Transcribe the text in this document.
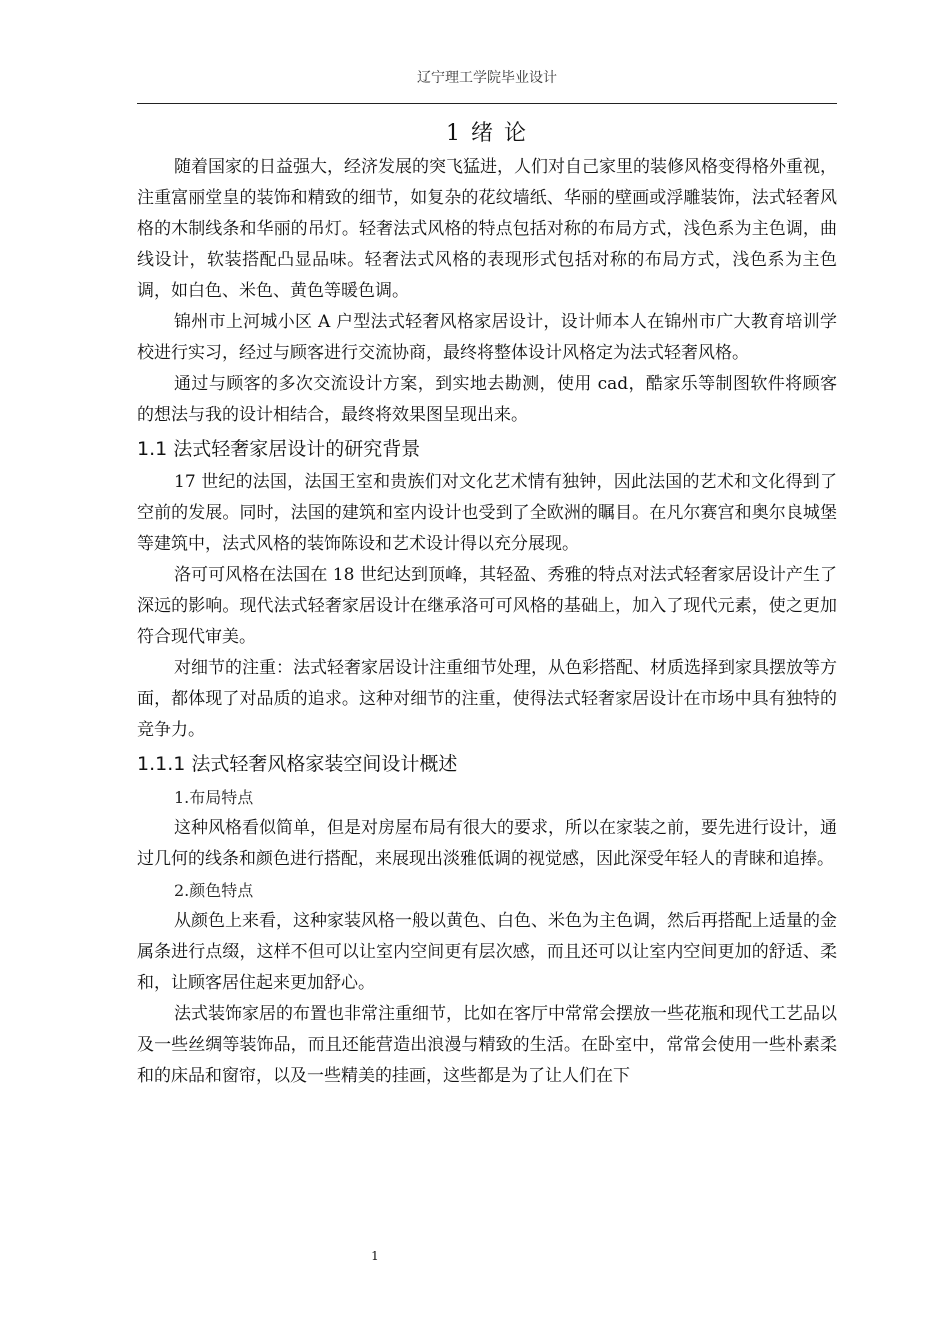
辽宁理工学院毕业设计
1 绪 论

随着国家的日益强大，经济发展的突飞猛进，人们对自己家里的装修风格变得格外重视，注重富丽堂皇的装饰和精致的细节，如复杂的花纹墙纸、华丽的壁画或浮雕装饰，法式轻奢风格的木制线条和华丽的吊灯。轻奢法式风格的特点包括对称的布局方式，浅色系为主色调，曲线设计，软装搭配凸显品味。轻奢法式风格的表现形式包括对称的布局方式，浅色系为主色调，如白色、米色、黄色等暖色调。

锦州市上河城小区 A 户型法式轻奢风格家居设计，设计师本人在锦州市广大教育培训学校进行实习，经过与顾客进行交流协商，最终将整体设计风格定为法式轻奢风格。

通过与顾客的多次交流设计方案，到实地去勘测，使用 cad，酷家乐等制图软件将顾客的想法与我的设计相结合，最终将效果图呈现出来。

1.1 法式轻奢家居设计的研究背景

17 世纪的法国，法国王室和贵族们对文化艺术情有独钟，因此法国的艺术和文化得到了空前的发展。同时，法国的建筑和室内设计也受到了全欧洲的瞩目。在凡尔赛宫和奥尔良城堡等建筑中，法式风格的装饰陈设和艺术设计得以充分展现。

洛可可风格在法国在 18 世纪达到顶峰，其轻盈、秀雅的特点对法式轻奢家居设计产生了深远的影响。现代法式轻奢家居设计在继承洛可可风格的基础上，加入了现代元素，使之更加符合现代审美。

对细节的注重：法式轻奢家居设计注重细节处理，从色彩搭配、材质选择到家具摆放等方面，都体现了对品质的追求。这种对细节的注重，使得法式轻奢家居设计在市场中具有独特的竞争力。

1.1.1 法式轻奢风格家装空间设计概述
1.布局特点

这种风格看似简单，但是对房屋布局有很大的要求，所以在家装之前，要先进行设计，通过几何的线条和颜色进行搭配，来展现出淡雅低调的视觉感，因此深受年轻人的青睐和追捧。

2.颜色特点

从颜色上来看，这种家装风格一般以黄色、白色、米色为主色调，然后再搭配上适量的金属条进行点缀，这样不但可以让室内空间更有层次感，而且还可以让室内空间更加的舒适、柔和，让顾客居住起来更加舒心。

法式装饰家居的布置也非常注重细节，比如在客厅中常常会摆放一些花瓶和现代工艺品以及一些丝绸等装饰品，而且还能营造出浪漫与精致的生活。在卧室中，常常会使用一些朴素柔和的床品和窗帘，以及一些精美的挂画，这些都是为了让人们在下

1
